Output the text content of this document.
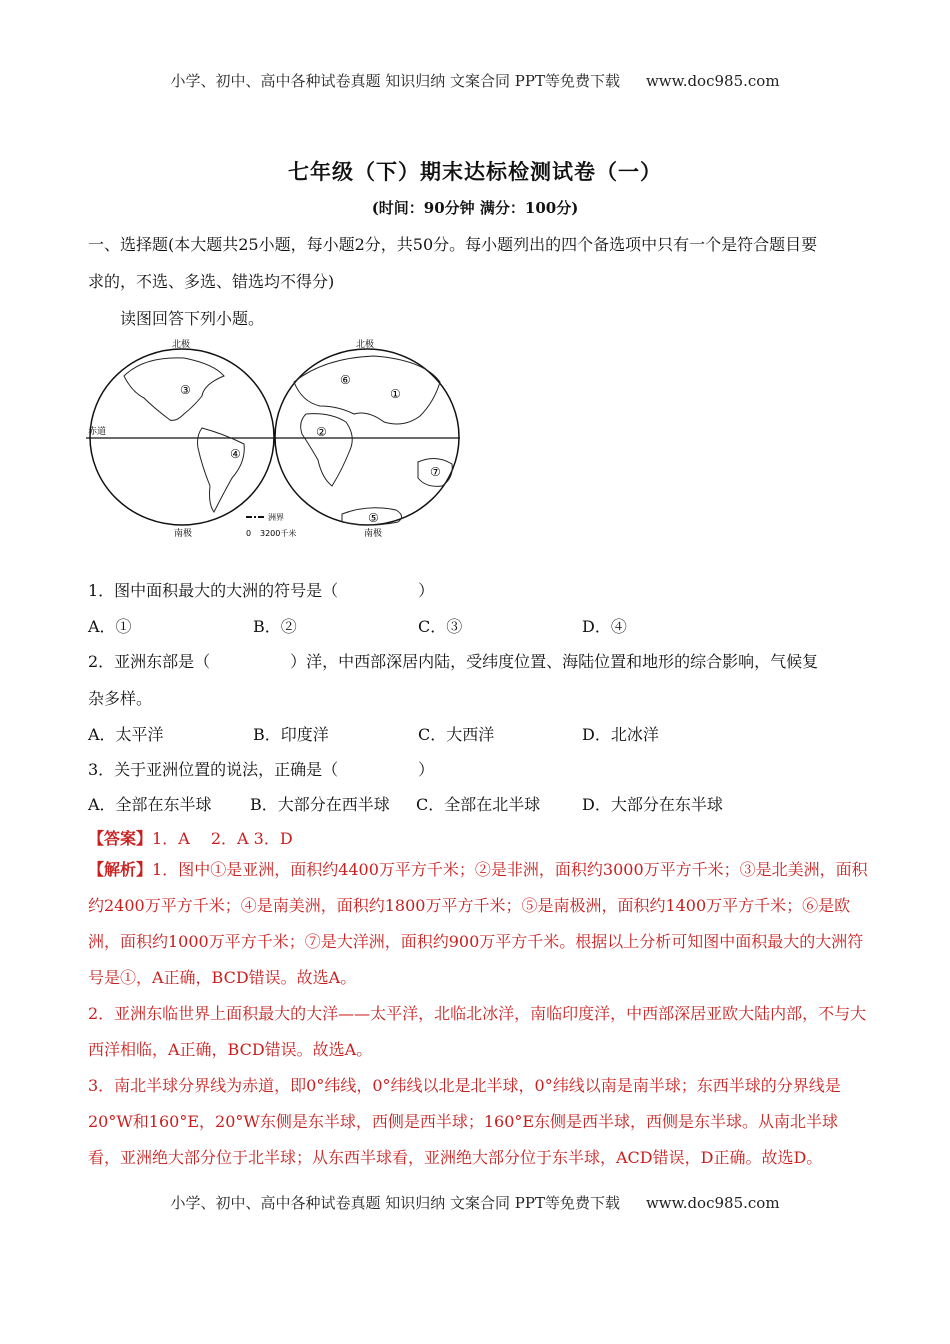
小学、初中、高中各种试卷真题 知识归纳 文案合同 PPT等免费下载 www.doc985.com
七年级（下）期末达标检测试卷（一）
(时间：90分钟 满分：100分)
一、选择题(本大题共25小题，每小题2分，共50分。每小题列出的四个备选项中只有一个是符合题目要
求的，不选、多选、错选均不得分)
读图回答下列小题。
北极	北极
南极	南极
赤道
③
④
①
②
⑥
⑦
⑤
洲界
0 3200千米
1．图中面积最大的大洲的符号是（　　　　　）
A．①	B．②	C．③	D．④
2．亚洲东部是（　　　　　）洋，中西部深居内陆，受纬度位置、海陆位置和地形的综合影响，气候复
杂多样。
A．太平洋	B．印度洋	C．大西洋	D．北冰洋
3．关于亚洲位置的说法，正确是（　　　　　）
A．全部在东半球 B．大部分在西半球 C．全部在北半球	D．大部分在东半球
【答案】1．A　 2．A 3．D
【解析】1．图中①是亚洲，面积约4400万平方千米；②是非洲，面积约3000万平方千米；③是北美洲，面积约2400万平方千米；④是南美洲，面积约1800万平方千米；⑤是南极洲，面积约1400万平方千米；⑥是欧洲，面积约1000万平方千米；⑦是大洋洲，面积约900万平方千米。根据以上分析可知图中面积最大的大洲符号是①，A正确，BCD错误。故选A。
2．亚洲东临世界上面积最大的大洋——太平洋，北临北冰洋，南临印度洋，中西部深居亚欧大陆内部，不与大西洋相临，A正确，BCD错误。故选A。
3．南北半球分界线为赤道，即0°纬线，0°纬线以北是北半球，0°纬线以南是南半球；东西半球的分界线是20°W和160°E，20°W东侧是东半球，西侧是西半球；160°E东侧是西半球，西侧是东半球。从南北半球看，亚洲绝大部分位于北半球；从东西半球看，亚洲绝大部分位于东半球，ACD错误，D正确。故选D。
小学、初中、高中各种试卷真题 知识归纳 文案合同 PPT等免费下载 www.doc985.com
